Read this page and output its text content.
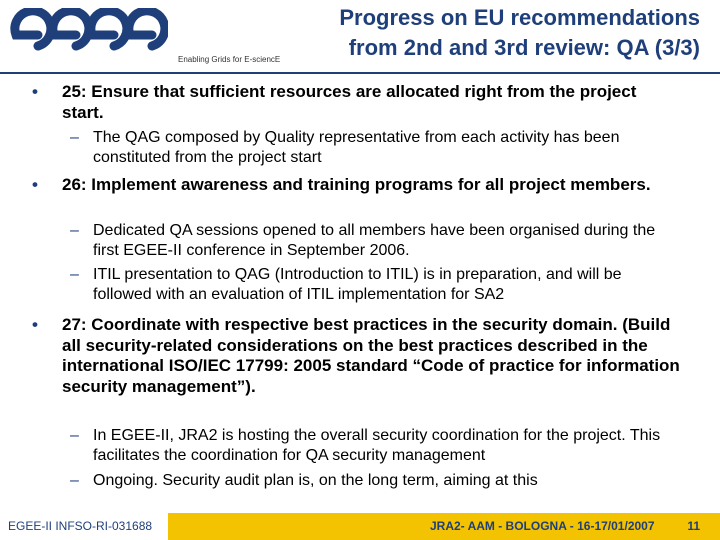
Enabling Grids for E-sciencE
Progress on EU recommendations
from 2nd and 3rd review: QA (3/3)
• 25: Ensure that sufficient resources are allocated right from the project start.
– The QAG composed by Quality representative from each activity has been constituted from the project start
• 26: Implement awareness and training programs for all project members.
– Dedicated QA sessions opened to all members have been organised during the first EGEE-II conference in September 2006.
– ITIL presentation to QAG (Introduction to ITIL) is in preparation, and will be followed with an evaluation of ITIL implementation for SA2
• 27: Coordinate with respective best practices in the security domain. (Build all security-related considerations on the best practices described in the international ISO/IEC 17799: 2005 standard “Code of practice for information security management”).
– In EGEE-II, JRA2 is hosting the overall security coordination for the project. This facilitates the coordination for QA security management
– Ongoing. Security audit plan is, on the long term, aiming at this
EGEE-II INFSO-RI-031688	JRA2- AAM - BOLOGNA - 16-17/01/2007	11
